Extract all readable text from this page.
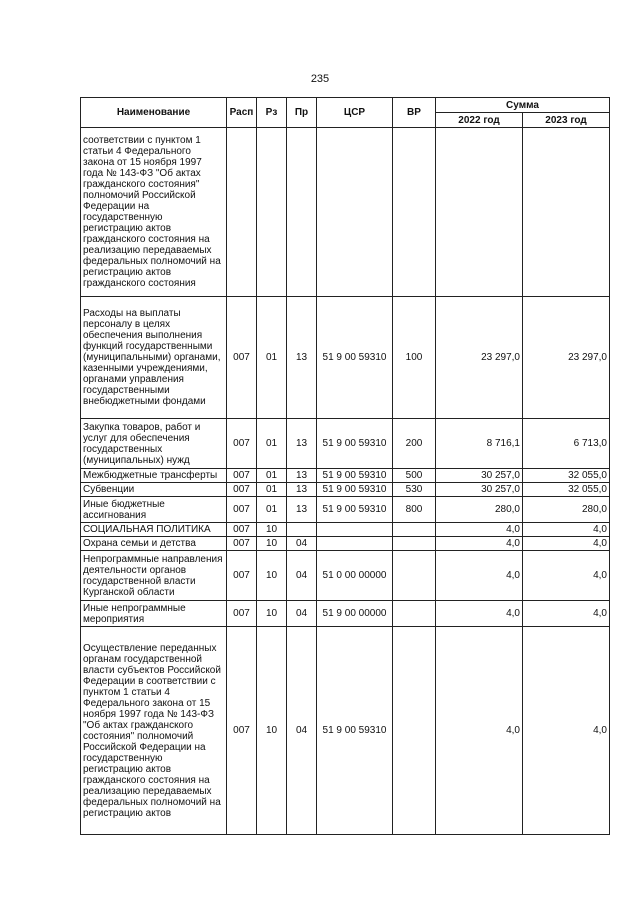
235
Наименование	Расп	Рз	Пр	ЦСР	ВР	Сумма	
						2022 год	2023 год
соответствии с пунктом 1 статьи 4 Федерального закона от 15 ноября 1997 года № 143-ФЗ "Об актах гражданского состояния" полномочий Российской Федерации на государственную регистрацию актов гражданского состояния на реализацию передаваемых федеральных полномочий на регистрацию актов гражданского состояния							
Расходы на выплаты персоналу в целях обеспечения выполнения функций государственными (муниципальными) органами, казенными учреждениями, органами управления государственными внебюджетными фондами	007	01	13	51 9 00 59310	100	23 297,0	23 297,0
Закупка товаров, работ и услуг для обеспечения государственных (муниципальных) нужд	007	01	13	51 9 00 59310	200	8 716,1	6 713,0
Межбюджетные трансферты	007	01	13	51 9 00 59310	500	30 257,0	32 055,0
Субвенции	007	01	13	51 9 00 59310	530	30 257,0	32 055,0
Иные бюджетные ассигнования	007	01	13	51 9 00 59310	800	280,0	280,0
СОЦИАЛЬНАЯ ПОЛИТИКА	007	10				4,0	4,0
Охрана семьи и детства	007	10	04			4,0	4,0
Непрограммные направления деятельности органов государственной власти Курганской области	007	10	04	51 0 00 00000		4,0	4,0
Иные непрограммные мероприятия	007	10	04	51 9 00 00000		4,0	4,0
Осуществление переданных органам государственной власти субъектов Российской Федерации в соответствии с пунктом 1 статьи 4 Федерального закона от 15 ноября 1997 года № 143-ФЗ "Об актах гражданского состояния" полномочий Российской Федерации на государственную регистрацию актов гражданского состояния на реализацию передаваемых федеральных полномочий на регистрацию актов	007	10	04	51 9 00 59310		4,0	4,0
